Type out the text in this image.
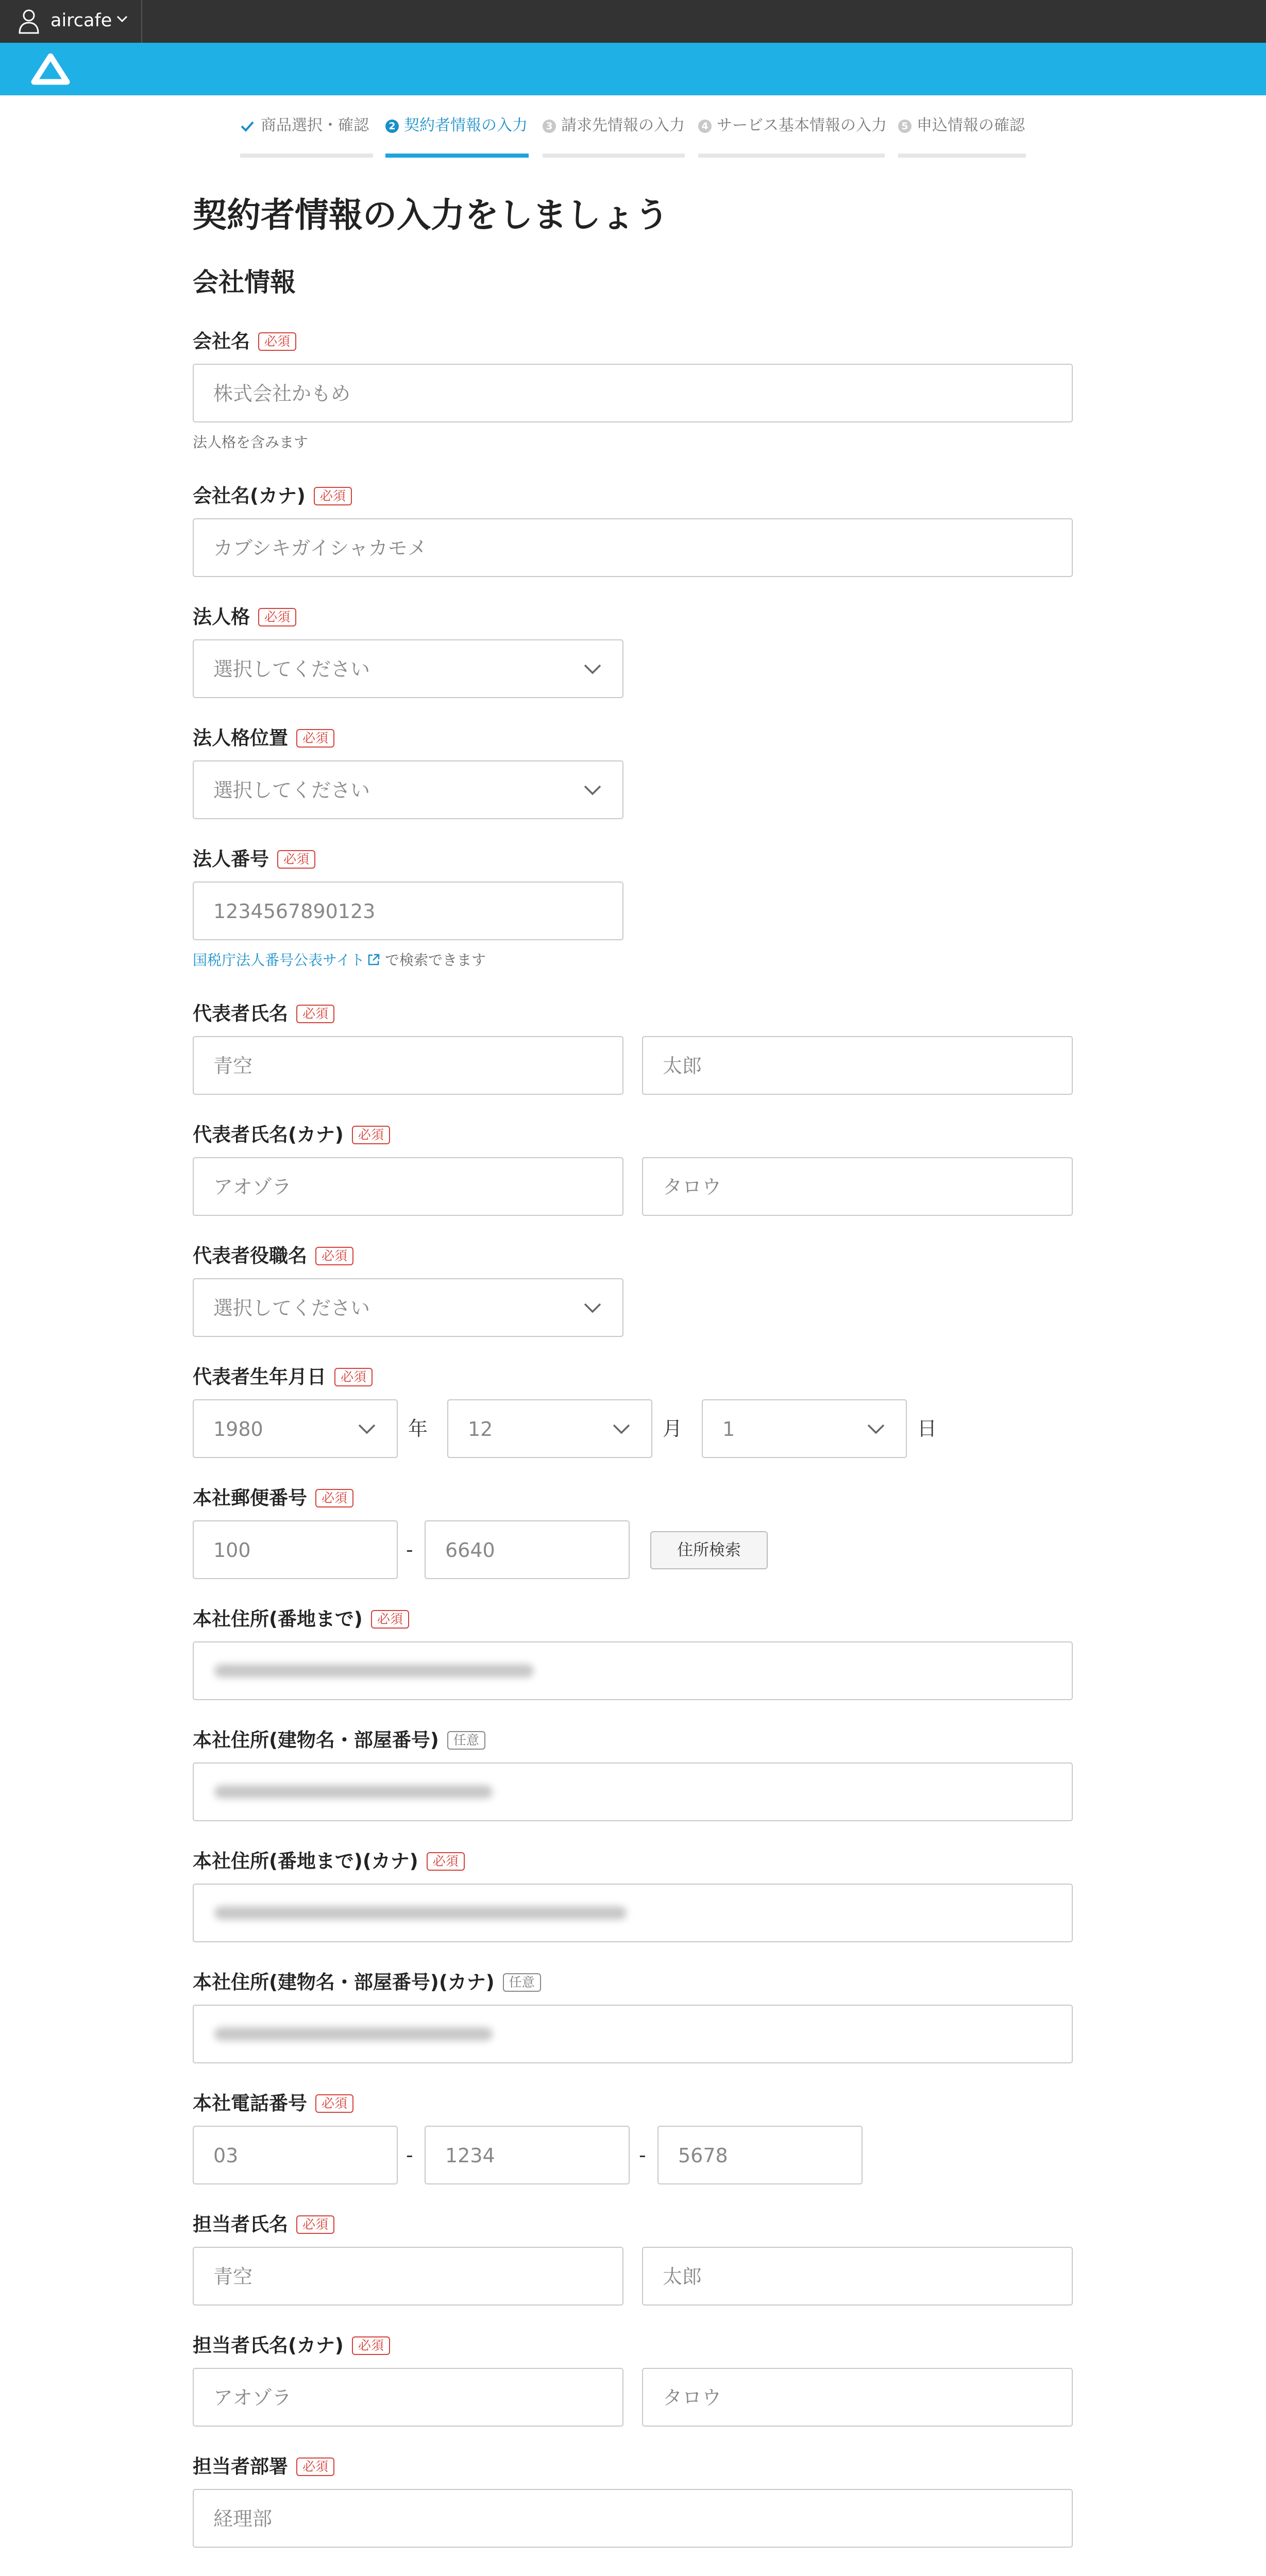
aircafe
商品選択・確認	2 契約者情報の入力	3 請求先情報の入力	4 サービス基本情報の入力	5 申込情報の確認
契約者情報の入力をしましょう
会社情報
会社名 必須
株式会社かもめ
法人格を含みます
会社名(カナ) 必須
カブシキガイシャカモメ
法人格 必須
選択してください
法人格位置 必須
選択してください
法人番号 必須
1234567890123
国税庁法人番号公表サイト で検索できます
代表者氏名 必須
青空	太郎
代表者氏名(カナ) 必須
アオゾラ	タロウ
代表者役職名 必須
選択してください
代表者生年月日 必須
1980	年 12	月 1	日
本社郵便番号 必須
100	- 6640	住所検索
本社住所(番地まで) 必須
本社住所(建物名・部屋番号) 任意
本社住所(番地まで)(カナ) 必須
本社住所(建物名・部屋番号)(カナ) 任意
本社電話番号 必須
03	- 1234	- 5678
担当者氏名 必須
青空	太郎
担当者氏名(カナ) 必須
アオゾラ	タロウ
担当者部署 必須
経理部
